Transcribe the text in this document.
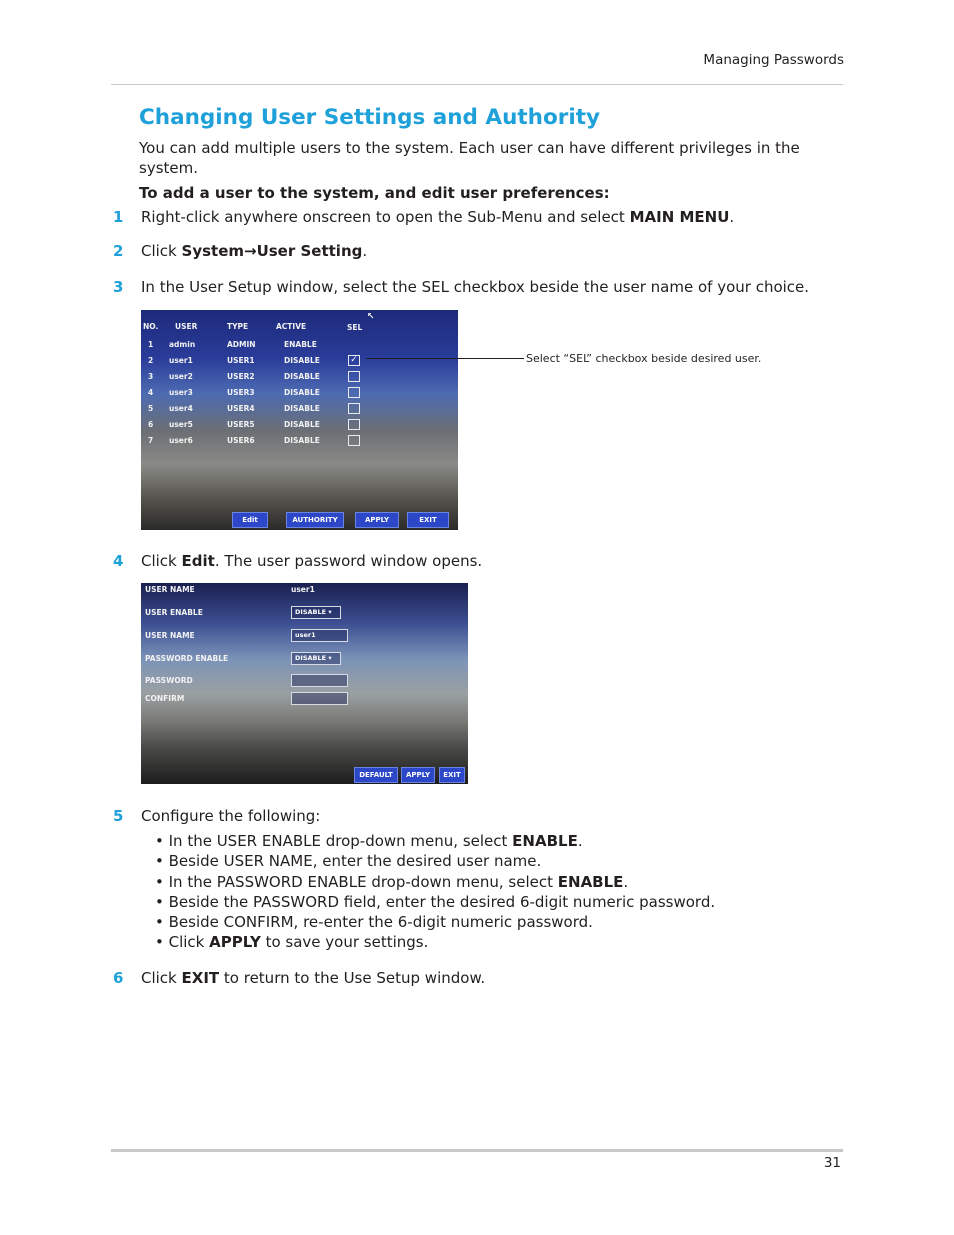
Managing Passwords
Changing User Settings and Authority
You can add multiple users to the system. Each user can have different privileges in the system.
To add a user to the system, and edit user preferences:
1 Right-click anywhere onscreen to open the Sub-Menu and select MAIN MENU.
2 Click System→User Setting.
3 In the User Setup window, select the SEL checkbox beside the user name of your choice.
NO. USER	TYPE	ACTIVE	SEL
↖
1 admin	ADMIN	ENABLE
2 user1	USER1	DISABLE	✓
3 user2	USER2	DISABLE
4 user3	USER3	DISABLE
5 user4	USER4	DISABLE
6 user5	USER5	DISABLE
7 user6	USER6	DISABLE
Edit	AUTHORITY	APPLY	EXIT
Select “SEL” checkbox beside desired user.
4 Click Edit. The user password window opens.
USER NAME	user1
USER ENABLE	DISABLE ▾
USER NAME	user1
PASSWORD ENABLE	DISABLE ▾
PASSWORD
CONFIRM
DEFAULT	APPLY	EXIT
5 Configure the following:
• In the USER ENABLE drop-down menu, select ENABLE.
• Beside USER NAME, enter the desired user name.
• In the PASSWORD ENABLE drop-down menu, select ENABLE.
• Beside the PASSWORD field, enter the desired 6-digit numeric password.
• Beside CONFIRM, re-enter the 6-digit numeric password.
• Click APPLY to save your settings.
6 Click EXIT to return to the Use Setup window.
31
